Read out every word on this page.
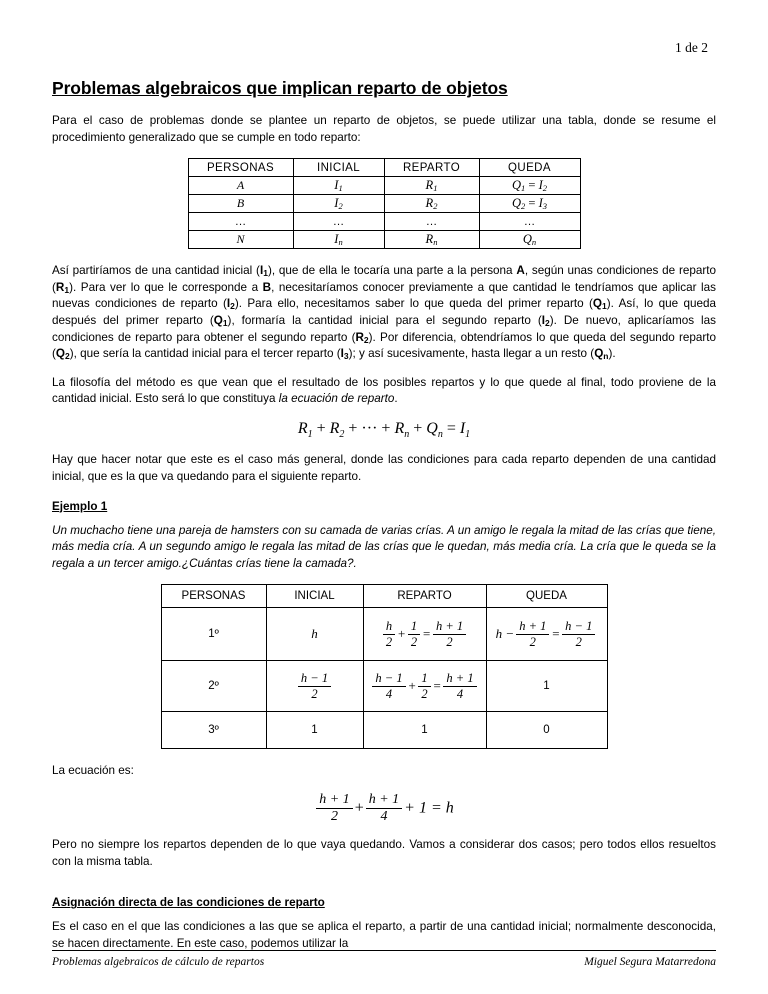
1 de 2
Problemas algebraicos que implican reparto de objetos

Para el caso de problemas donde se plantee un reparto de objetos, se puede utilizar una tabla, donde se resume el procedimiento generalizado que se cumple en todo reparto:

PERSONAS	INICIAL	REPARTO	QUEDA
A	$I_1$	$R_1$	$Q_1 = I_2$
B	$I_2$	$R_2$	$Q_2 = I_3$
…	…	…	…
N	$I_n$	$R_n$	$Q_n$

Así partiríamos de una cantidad inicial $(I_1)$, que de ella le tocaría una parte a la persona A, según unas condiciones de reparto $(R_1)$. Para ver lo que le corresponde a B, necesitaríamos conocer previamente a que cantidad le tendríamos que aplicar las nuevas condiciones de reparto $(I_2)$. Para ello, necesitamos saber lo que queda del primer reparto $(Q_1)$. Así, lo que queda después del primer reparto $(Q_1)$, formaría la cantidad inicial para el segundo reparto $(I_2)$. De nuevo, aplicaríamos las condiciones de reparto para obtener el segundo reparto $(R_2)$. Por diferencia, obtendríamos lo que queda del segundo reparto $(Q_2)$, que sería la cantidad inicial para el tercer reparto $(I_3)$; y así sucesivamente, hasta llegar a un resto $(Q_n)$.

La filosofía del método es que vean que el resultado de los posibles repartos y lo que quede al final, todo proviene de la cantidad inicial. Esto será lo que constituya la ecuación de reparto.

$R_1 + R_2$ + ··· + $R_n + Q_n = I_1$

Hay que hacer notar que este es el caso más general, donde las condiciones para cada reparto dependen de una cantidad inicial, que es la que va quedando para el siguiente reparto.

Ejemplo 1

Un muchacho tiene una pareja de hamsters con su camada de varias crías. A un amigo le regala la mitad de las crías que tiene, más media cría. A un segundo amigo le regala las mitad de las crías que le quedan, más media cría. La cría que le queda se la regala a un tercer amigo.¿Cuántas crías tiene la camada?.

PERSONAS	INICIAL	REPARTO	QUEDA
1º	h	$\frac{h}{2} + \frac{1}{2} = \frac{h + 1}{2}$	$h - \frac{h + 1}{2} = \frac{h - 1}{2}$

2º	$\frac{h - 1}{2}$	$\frac{h - 1}{4} + \frac{1}{2} = \frac{h + 1}{4}$	1
3º	1	1	0

La ecuación es:

$\frac{h + 1}{2} + \frac{h + 1}{4} + 1 = h$

Pero no siempre los repartos dependen de lo que vaya quedando. Vamos a considerar dos casos; pero todos ellos resueltos con la misma tabla.

Asignación directa de las condiciones de reparto

Es el caso en el que las condiciones a las que se aplica el reparto, a partir de una cantidad inicial; normalmente desconocida, se hacen directamente. En este caso, podemos utilizar la

Problemas algebraicos de cálculo de repartos	Miguel Segura Matarredona
